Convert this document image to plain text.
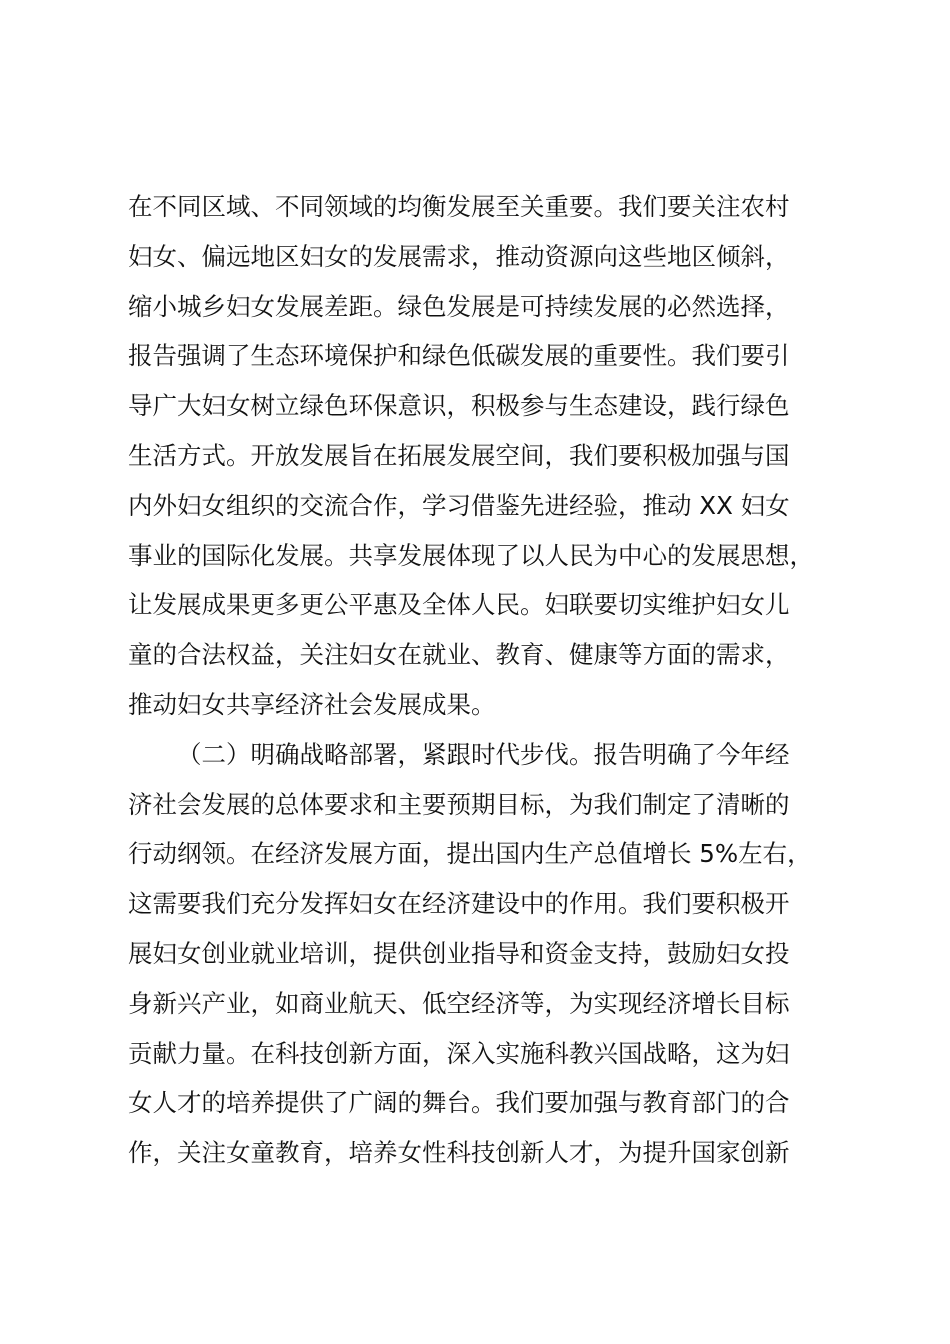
在不同区域、不同领域的均衡发展至关重要。我们要关注农村
妇女、偏远地区妇女的发展需求，推动资源向这些地区倾斜，
缩小城乡妇女发展差距。绿色发展是可持续发展的必然选择，
报告强调了生态环境保护和绿色低碳发展的重要性。我们要引
导广大妇女树立绿色环保意识，积极参与生态建设，践行绿色
生活方式。开放发展旨在拓展发展空间，我们要积极加强与国
内外妇女组织的交流合作，学习借鉴先进经验，推动 XX 妇女
事业的国际化发展。共享发展体现了以人民为中心的发展思想，
让发展成果更多更公平惠及全体人民。妇联要切实维护妇女儿
童的合法权益，关注妇女在就业、教育、健康等方面的需求，
推动妇女共享经济社会发展成果。
（二）明确战略部署，紧跟时代步伐。报告明确了今年经
济社会发展的总体要求和主要预期目标，为我们制定了清晰的
行动纲领。在经济发展方面，提出国内生产总值增长 5%左右，
这需要我们充分发挥妇女在经济建设中的作用。我们要积极开
展妇女创业就业培训，提供创业指导和资金支持，鼓励妇女投
身新兴产业，如商业航天、低空经济等，为实现经济增长目标
贡献力量。在科技创新方面，深入实施科教兴国战略，这为妇
女人才的培养提供了广阔的舞台。我们要加强与教育部门的合
作，关注女童教育，培养女性科技创新人才，为提升国家创新
